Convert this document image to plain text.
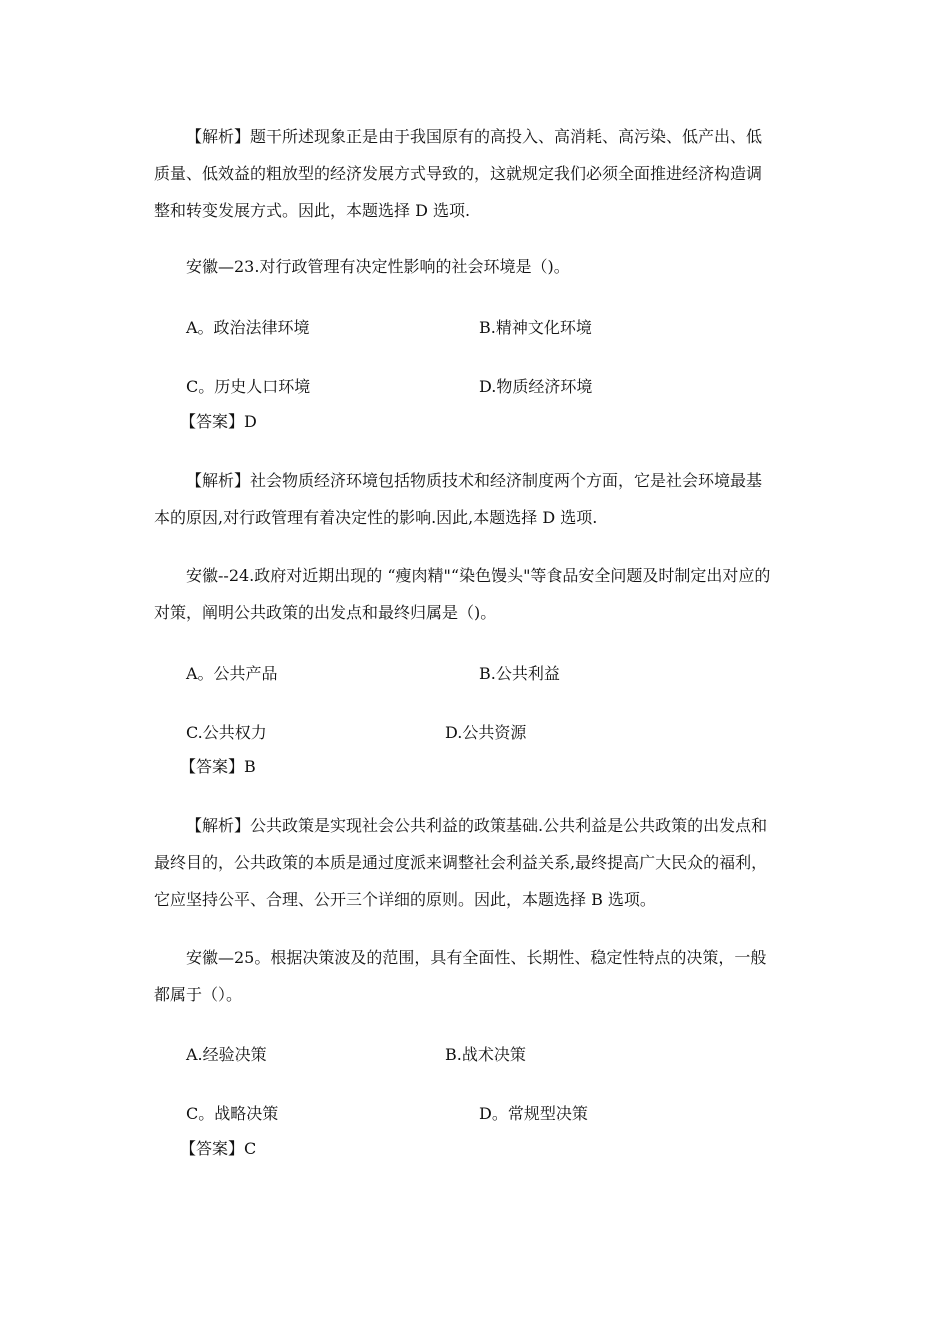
【解析】题干所述现象正是由于我国原有的高投入、高消耗、高污染、低产出、低
质量、低效益的粗放型的经济发展方式导致的，这就规定我们必须全面推进经济构造调
整和转变发展方式。因此，本题选择 D 选项.
安徽—23.对行政管理有决定性影响的社会环境是（)。
A。政治法律环境	B.精神文化环境
C。历史人口环境	D.物质经济环境
【答案】D
【解析】社会物质经济环境包括物质技术和经济制度两个方面，它是社会环境最基
本的原因,对行政管理有着决定性的影响.因此,本题选择 D 选项.
安徽--24.政府对近期出现的 “瘦肉精"“染色馒头"等食品安全问题及时制定出对应的
对策，阐明公共政策的出发点和最终归属是（)。
A。公共产品	B.公共利益
C.公共权力	D.公共资源
【答案】B
【解析】公共政策是实现社会公共利益的政策基础.公共利益是公共政策的出发点和
最终目的，公共政策的本质是通过度派来调整社会利益关系,最终提高广大民众的福利，
它应坚持公平、合理、公开三个详细的原则。因此，本题选择 B 选项。
安徽—25。根据决策波及的范围，具有全面性、长期性、稳定性特点的决策，一般
都属于（）。
A.经验决策	B.战术决策
C。战略决策	D。常规型决策
【答案】C
